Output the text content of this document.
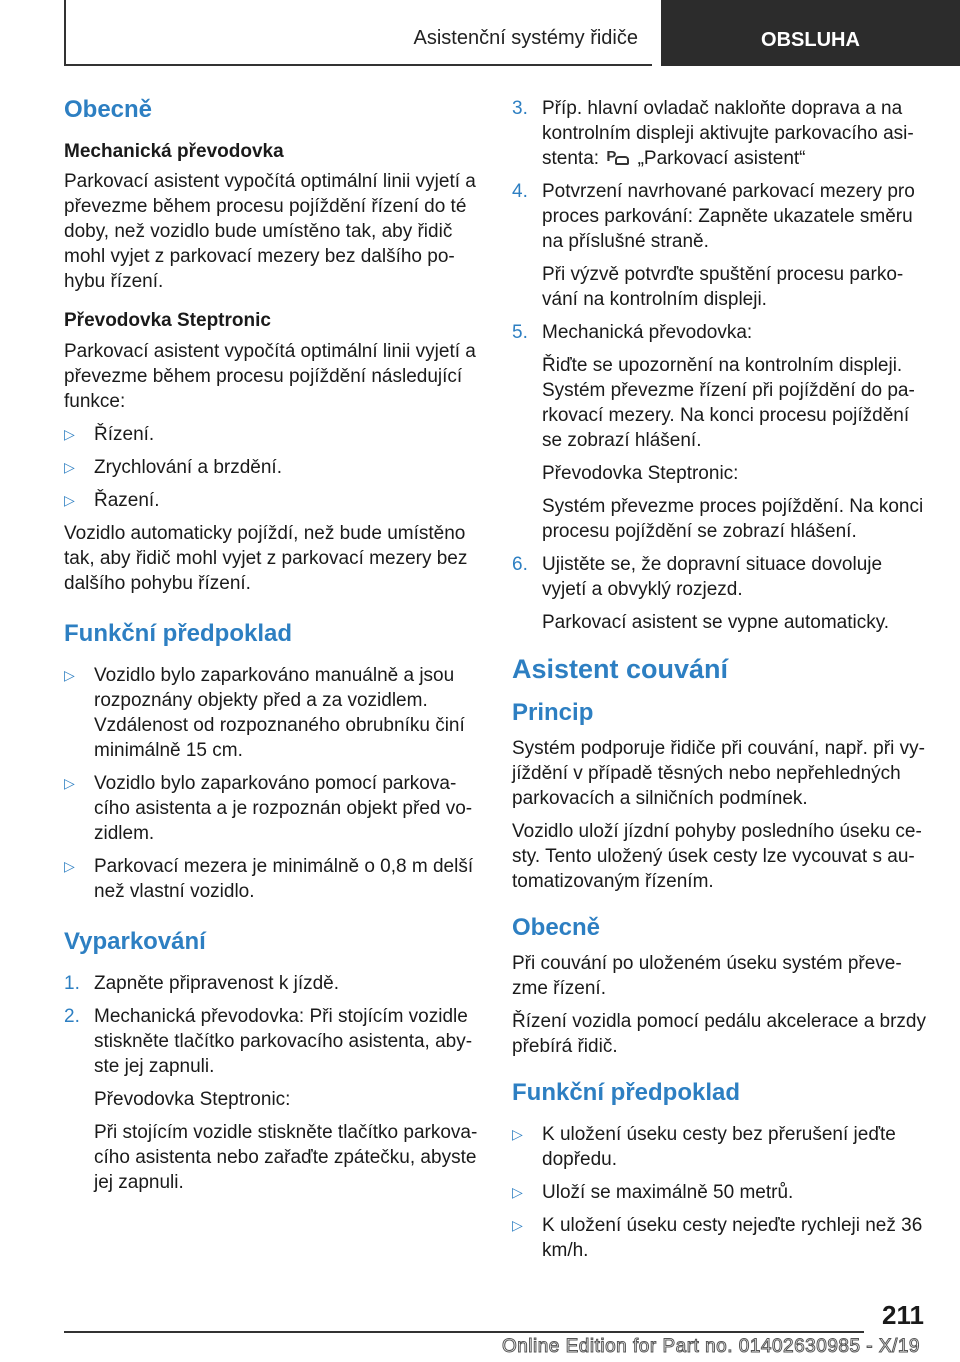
Asistenční systémy řidiče	OBSLUHA
Obecně
Mechanická převodovka

Parkovací asistent vypočítá optimální linii vyjetí a převezme během procesu pojíždění řízení do té doby, než vozidlo bude umístěno tak, aby řidič mohl vyjet z parkovací mezery bez dalšího pohybu řízení.

Převodovka Steptronic

Parkovací asistent vypočítá optimální linii vyjetí a převezme během procesu pojíždění následující funkce:

▷ Řízení.
▷ Zrychlování a brzdění.
▷ Řazení.

Vozidlo automaticky pojíždí, než bude umístěno tak, aby řidič mohl vyjet z parkovací mezery bez dalšího pohybu řízení.

Funkční předpoklad
▷ Vozidlo bylo zaparkováno manuálně a jsou rozpoznány objekty před a za vozidlem. Vzdálenost od rozpoznaného obrubníku činí minimálně 15 cm.
▷ Vozidlo bylo zaparkováno pomocí parkovacího asistenta a je rozpoznán objekt před vozidlem.
▷ Parkovací mezera je minimálně o 0,8 m delší než vlastní vozidlo.
Vyparkování
1. Zapněte připravenost k jízdě.
2. Mechanická převodovka: Při stojícím vozidle stiskněte tlačítko parkovacího asistenta, abyste jej zapnuli.

Převodovka Steptronic:

Při stojícím vozidle stiskněte tlačítko parkovacího asistenta nebo zařaďte zpátečku, abyste jej zapnuli.

3. Příp. hlavní ovladač nakloňte doprava a na kontrolním displeji aktivujte parkovacího asistenta: P „Parkovací asistent“
4. Potvrzení navrhované parkovací mezery pro proces parkování: Zapněte ukazatele směru na příslušné straně.

Při výzvě potvrďte spuštění procesu parkování na kontrolním displeji.

5. Mechanická převodovka:

Řiďte se upozornění na kontrolním displeji. Systém převezme řízení při pojíždění do parkovací mezery. Na konci procesu pojíždění se zobrazí hlášení.

Převodovka Steptronic:

Systém převezme proces pojíždění. Na konci procesu pojíždění se zobrazí hlášení.

6. Ujistěte se, že dopravní situace dovoluje vyjetí a obvyklý rozjezd.

Parkovací asistent se vypne automaticky.

Asistent couvání
Princip

Systém podporuje řidiče při couvání, např. při vyjíždění v případě těsných nebo nepřehledných parkovacích a silničních podmínek.

Vozidlo uloží jízdní pohyby posledního úseku cesty. Tento uložený úsek cesty lze vycouvat s automatizovaným řízením.

Obecně

Při couvání po uloženém úseku systém převezme řízení.

Řízení vozidla pomocí pedálu akcelerace a brzdy přebírá řidič.

Funkční předpoklad
▷ K uložení úseku cesty bez přerušení jeďte dopředu.
▷ Uloží se maximálně 50 metrů.
▷ K uložení úseku cesty nejeďte rychleji než 36 km/h.
211
Online Edition for Part no. 01402630985 - X/19
